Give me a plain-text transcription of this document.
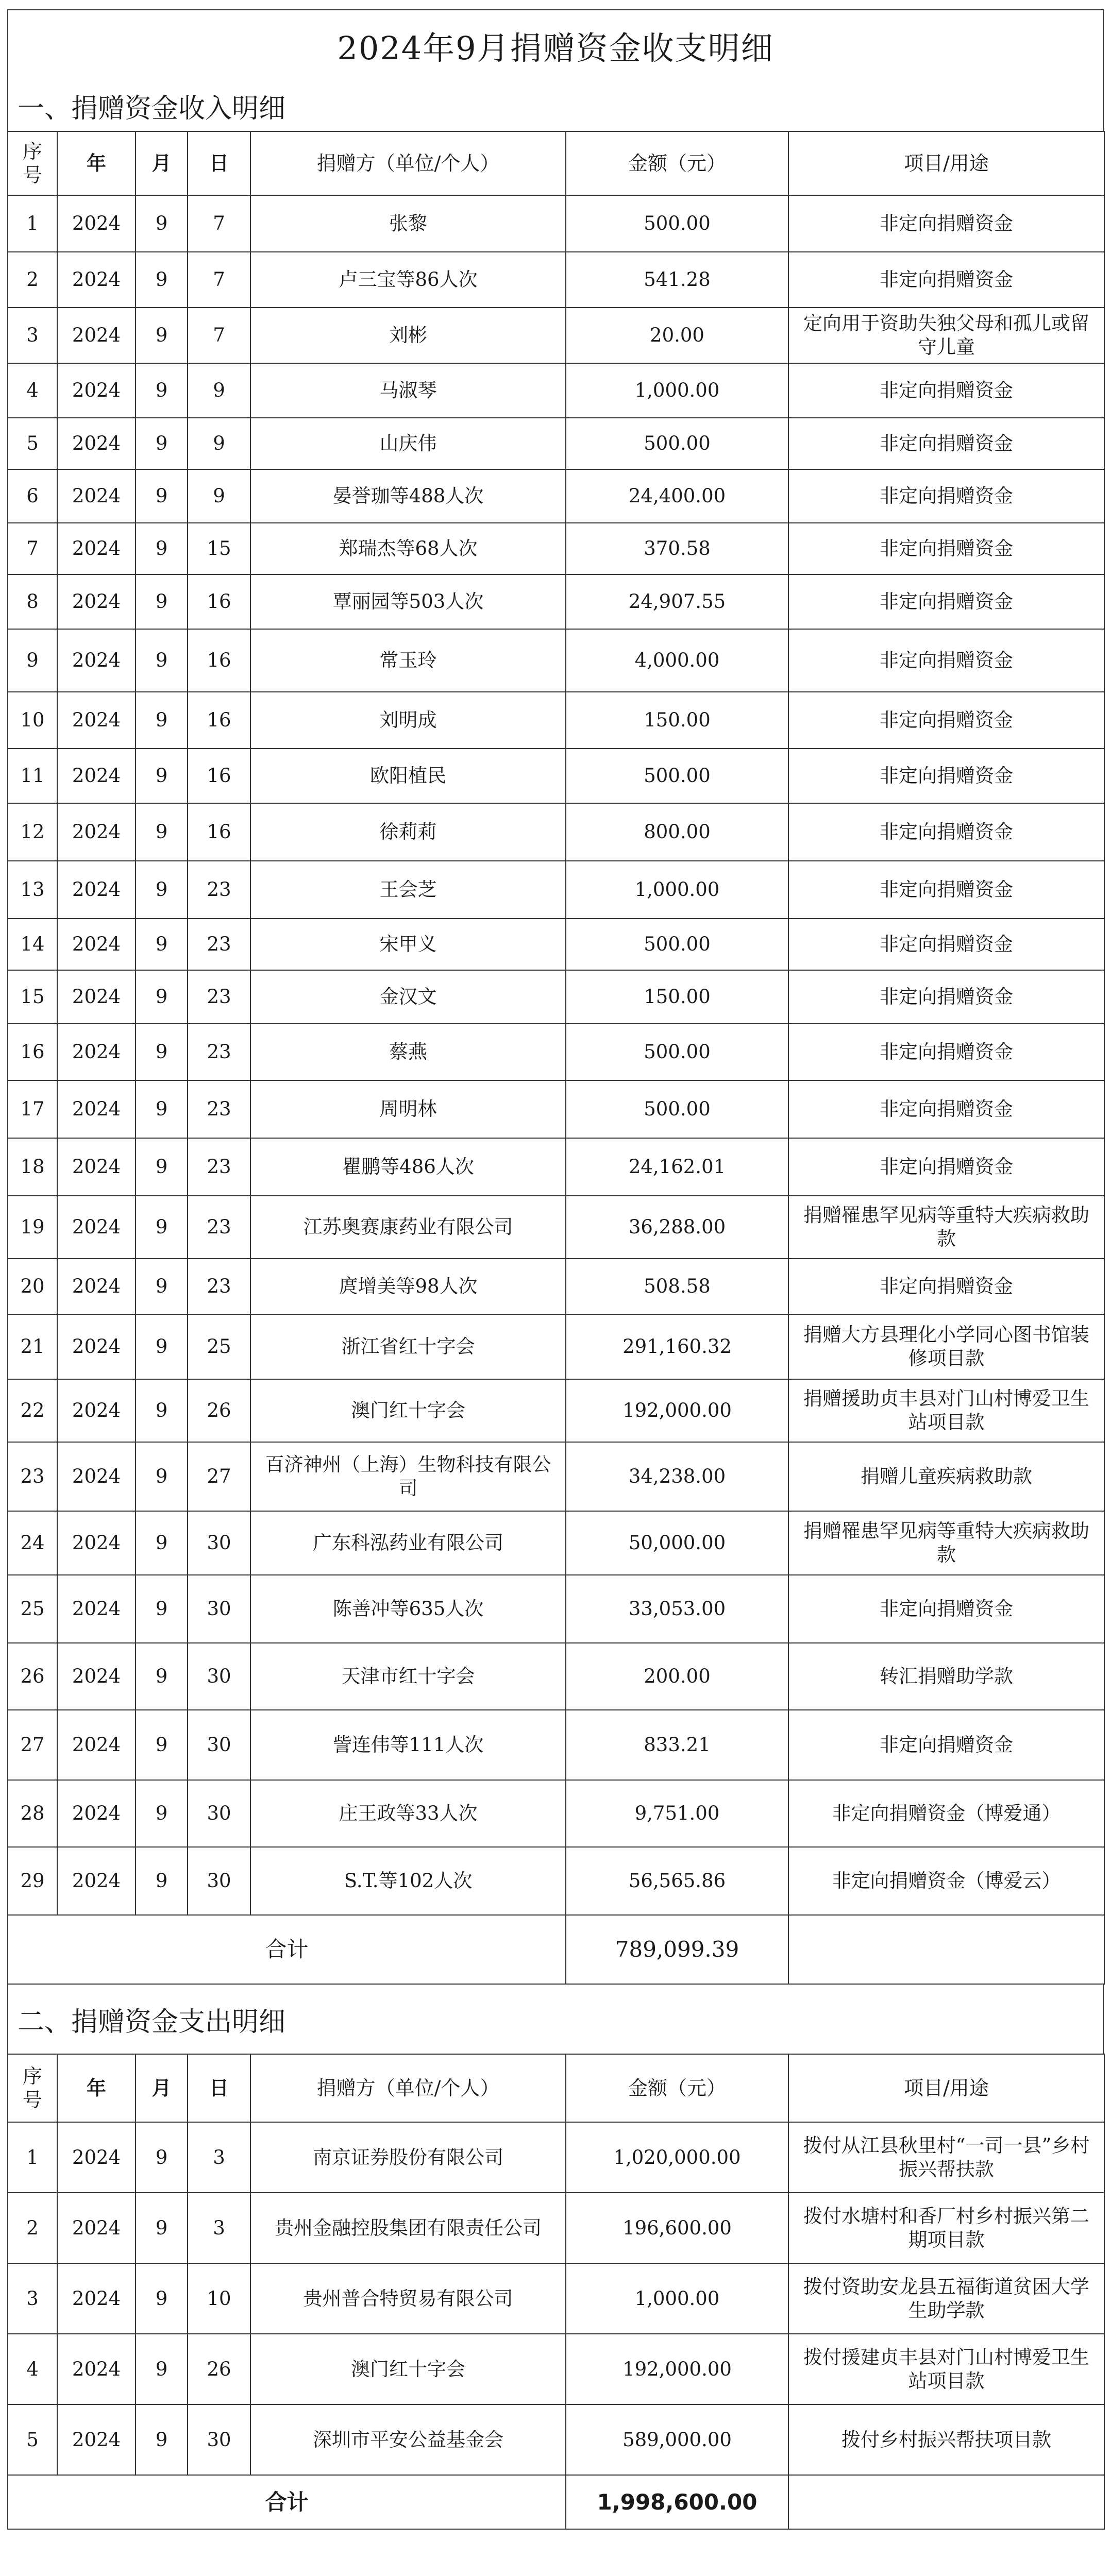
2024年9月捐赠资金收支明细
一、捐赠资金收入明细
序号	年	月	日	捐赠方（单位/个人）	金额（元）	项目/用途
1	2024	9	7	张黎	500.00	非定向捐赠资金
2	2024	9	7	卢三宝等86人次	541.28	非定向捐赠资金
3	2024	9	7	刘彬	20.00	定向用于资助失独父母和孤儿或留守儿童
4	2024	9	9	马淑琴	1,000.00	非定向捐赠资金
5	2024	9	9	山庆伟	500.00	非定向捐赠资金
6	2024	9	9	晏誉珈等488人次	24,400.00	非定向捐赠资金
7	2024	9	15	郑瑞杰等68人次	370.58	非定向捐赠资金
8	2024	9	16	覃丽园等503人次	24,907.55	非定向捐赠资金
9	2024	9	16	常玉玲	4,000.00	非定向捐赠资金
10	2024	9	16	刘明成	150.00	非定向捐赠资金
11	2024	9	16	欧阳植民	500.00	非定向捐赠资金
12	2024	9	16	徐莉莉	800.00	非定向捐赠资金
13	2024	9	23	王会芝	1,000.00	非定向捐赠资金
14	2024	9	23	宋甲义	500.00	非定向捐赠资金
15	2024	9	23	金汉文	150.00	非定向捐赠资金
16	2024	9	23	蔡燕	500.00	非定向捐赠资金
17	2024	9	23	周明林	500.00	非定向捐赠资金
18	2024	9	23	瞿鹏等486人次	24,162.01	非定向捐赠资金
19	2024	9	23	江苏奥赛康药业有限公司	36,288.00	捐赠罹患罕见病等重特大疾病救助款
20	2024	9	23	庹增美等98人次	508.58	非定向捐赠资金
21	2024	9	25	浙江省红十字会	291,160.32	捐赠大方县理化小学同心图书馆装修项目款
22	2024	9	26	澳门红十字会	192,000.00	捐赠援助贞丰县对门山村博爱卫生站项目款
23	2024	9	27	百济神州（上海）生物科技有限公司	34,238.00	捐赠儿童疾病救助款
24	2024	9	30	广东科泓药业有限公司	50,000.00	捐赠罹患罕见病等重特大疾病救助款
25	2024	9	30	陈善冲等635人次	33,053.00	非定向捐赠资金
26	2024	9	30	天津市红十字会	200.00	转汇捐赠助学款
27	2024	9	30	訾连伟等111人次	833.21	非定向捐赠资金
28	2024	9	30	庄王政等33人次	9,751.00	非定向捐赠资金（博爱通）
29	2024	9	30	S.T.等102人次	56,565.86	非定向捐赠资金（博爱云）
合计					789,099.39	
二、捐赠资金支出明细
序号	年	月	日	捐赠方（单位/个人）	金额（元）	项目/用途
1	2024	9	3	南京证券股份有限公司	1,020,000.00	拨付从江县秋里村“一司一县”乡村振兴帮扶款
2	2024	9	3	贵州金融控股集团有限责任公司	196,600.00	拨付水塘村和香厂村乡村振兴第二期项目款
3	2024	9	10	贵州普合特贸易有限公司	1,000.00	拨付资助安龙县五福街道贫困大学生助学款
4	2024	9	26	澳门红十字会	192,000.00	拨付援建贞丰县对门山村博爱卫生站项目款
5	2024	9	30	深圳市平安公益基金会	589,000.00	拨付乡村振兴帮扶项目款
合计					1,998,600.00	
